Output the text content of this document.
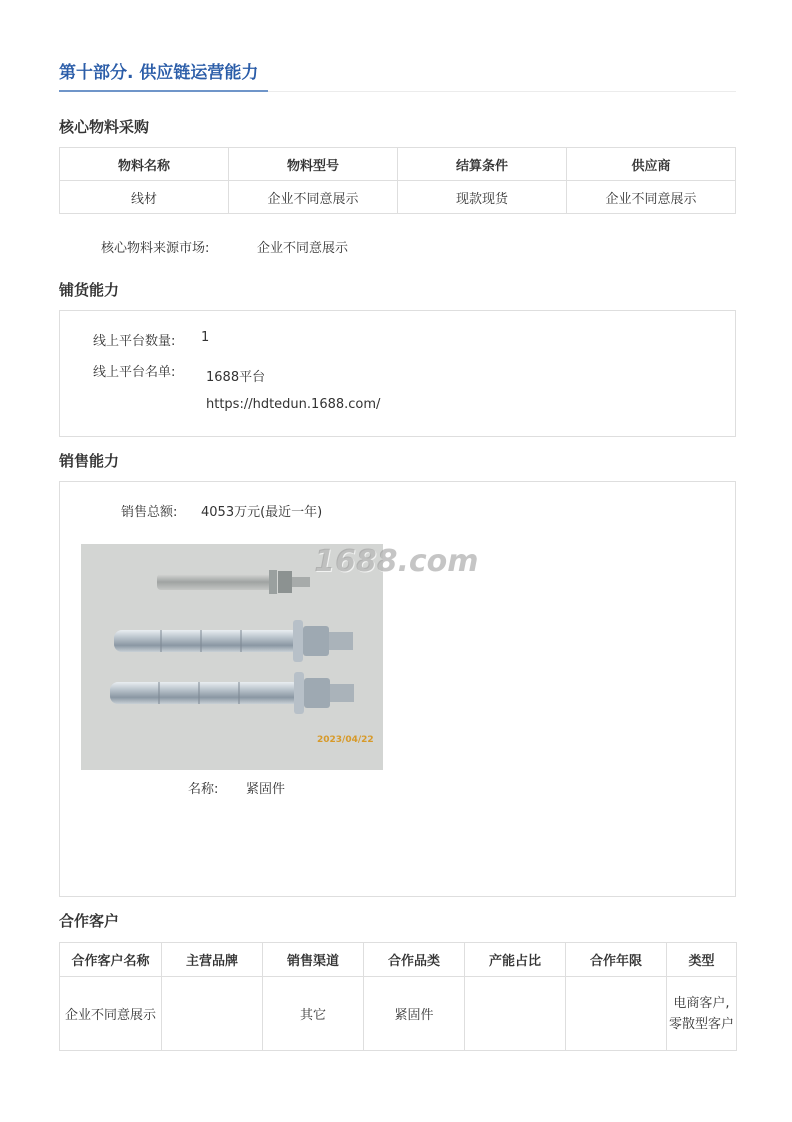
第十部分. 供应链运营能力
核心物料采购
物料名称	物料型号	结算条件	供应商
线材	企业不同意展示	现款现货	企业不同意展示
核心物料来源市场:	企业不同意展示
铺货能力
线上平台数量: 1
线上平台名单: 1688平台
https://hdtedun.1688.com/
销售能力
销售总额: 4053万元(最近一年)
2023/04/22
1688.com
名称: 紧固件
合作客户
合作客户名称	主营品牌	销售渠道	合作品类	产能占比	合作年限	类型
企业不同意展示		其它	紧固件			电商客户,零散型客户
